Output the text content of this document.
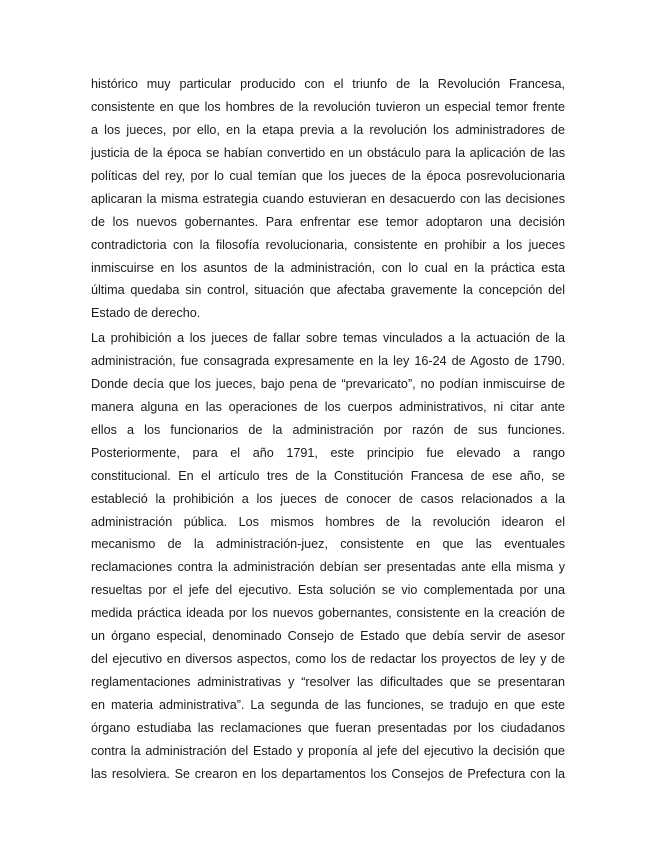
histórico muy particular producido con el triunfo de la Revolución Francesa,
consistente en que los hombres de la revolución tuvieron un especial temor frente
a los jueces, por ello, en la etapa previa a la revolución los administradores de
justicia de la época se habían convertido en un obstáculo para la aplicación de las
políticas del rey, por lo cual temían que los jueces de la época posrevolucionaria
aplicaran la misma estrategia cuando estuvieran en desacuerdo con las decisiones
de los nuevos gobernantes. Para enfrentar ese temor adoptaron una decisión
contradictoria con la filosofía revolucionaria, consistente en prohibir a los jueces
inmiscuirse en los asuntos de la administración, con lo cual en la práctica esta
última quedaba sin control, situación que afectaba gravemente la concepción del
Estado de derecho.
La prohibición a los jueces de fallar sobre temas vinculados a la actuación de la
administración, fue consagrada expresamente en la ley 16-24 de Agosto de 1790.
Donde decía que los jueces, bajo pena de “prevaricato”, no podían inmiscuirse de
manera alguna en las operaciones de los cuerpos administrativos, ni citar ante
ellos a los funcionarios de la administración por razón de sus funciones.
Posteriormente, para el año 1791, este principio fue elevado a rango
constitucional. En el artículo tres de la Constitución Francesa de ese año, se
estableció la prohibición a los jueces de conocer de casos relacionados a la
administración pública. Los mismos hombres de la revolución idearon el
mecanismo de la administración-juez, consistente en que las eventuales
reclamaciones contra la administración debían ser presentadas ante ella misma y
resueltas por el jefe del ejecutivo. Esta solución se vio complementada por una
medida práctica ideada por los nuevos gobernantes, consistente en la creación de
un órgano especial, denominado Consejo de Estado que debía servir de asesor
del ejecutivo en diversos aspectos, como los de redactar los proyectos de ley y de
reglamentaciones administrativas y “resolver las dificultades que se presentaran
en materia administrativa”. La segunda de las funciones, se tradujo en que este
órgano estudiaba las reclamaciones que fueran presentadas por los ciudadanos
contra la administración del Estado y proponía al jefe del ejecutivo la decisión que
las resolviera. Se crearon en los departamentos los Consejos de Prefectura con la
